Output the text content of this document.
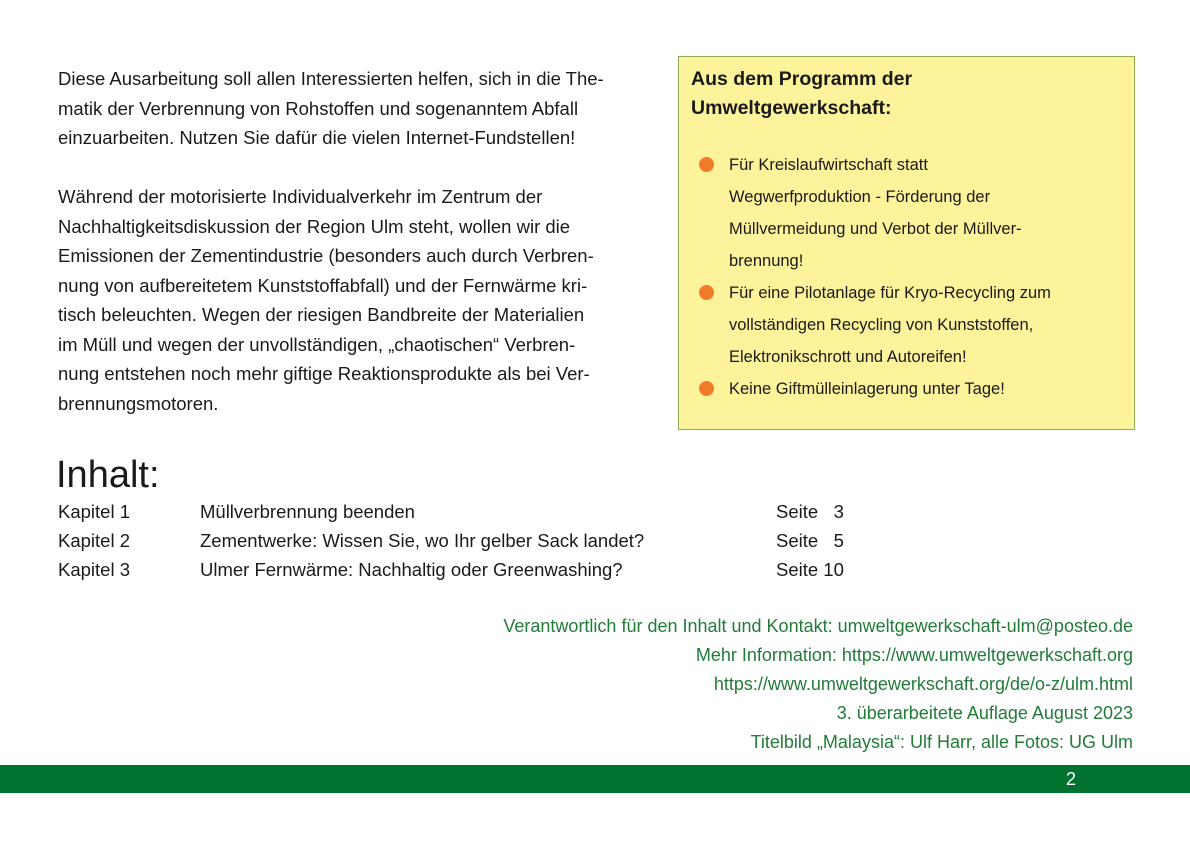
Diese Ausarbeitung soll allen Interessierten helfen, sich in die The-
matik der Verbrennung von Rohstoffen und sogenanntem Abfall
einzuarbeiten. Nutzen Sie dafür die vielen Internet-Fundstellen!

Während der motorisierte Individualverkehr im Zentrum der
Nachhaltigkeitsdiskussion der Region Ulm steht, wollen wir die
Emissionen der Zementindustrie (besonders auch durch Verbren-
nung von aufbereitetem Kunststoffabfall) und der Fernwärme kri-
tisch beleuchten. Wegen der riesigen Bandbreite der Materialien
im Müll und wegen der unvollständigen, „chaotischen“ Verbren-
nung entstehen noch mehr giftige Reaktionsprodukte als bei Ver-
brennungsmotoren.

Aus dem Programm der
Umweltgewerkschaft:
Für Kreislaufwirtschaft statt
Wegwerfproduktion - Förderung der
Müllvermeidung und Verbot der Müllver-
brennung!
Für eine Pilotanlage für Kryo-Recycling zum
vollständigen Recycling von Kunststoffen,
Elektronikschrott und Autoreifen!
Keine Giftmülleinlagerung unter Tage!
Inhalt:
Kapitel 1	Müllverbrennung beenden	Seite   3
Kapitel 2	Zementwerke: Wissen Sie, wo Ihr gelber Sack landet?	Seite   5
Kapitel 3	Ulmer Fernwärme: Nachhaltig oder Greenwashing?	Seite 10
Verantwortlich für den Inhalt und Kontakt: umweltgewerkschaft-ulm@posteo.de
Mehr Information: https://www.umweltgewerkschaft.org
https://www.umweltgewerkschaft.org/de/o-z/ulm.html
3. überarbeitete Auflage August 2023
Titelbild „Malaysia“: Ulf Harr, alle Fotos: UG Ulm
2
